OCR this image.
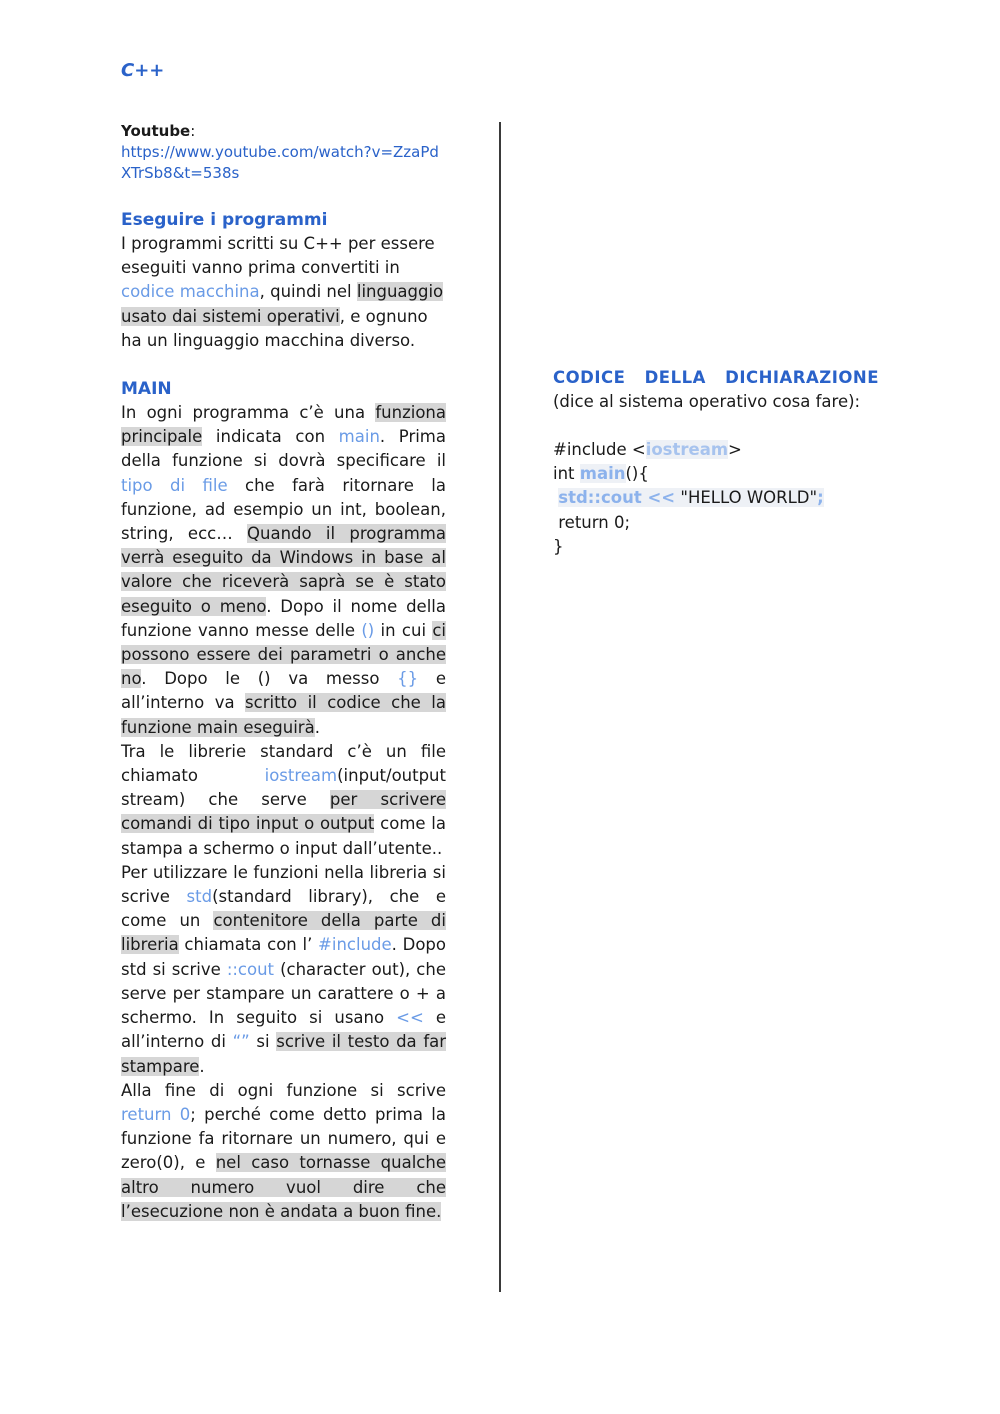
C++
Youtube:
https://www.youtube.com/watch?v=ZzaPdXTrSb8&t=538s
Eseguire i programmi
I programmi scritti su C++ per essere eseguiti vanno prima convertiti in codice macchina, quindi nel linguaggio usato dai sistemi operativi, e ognuno ha un linguaggio macchina diverso.
MAIN
In ogni programma c’è una funziona principale indicata con main. Prima della funzione si dovrà specificare il tipo di file che farà ritornare la funzione, ad esempio un int, boolean, string, ecc… Quando il programma verrà eseguito da Windows in base al valore che riceverà saprà se è stato eseguito o meno. Dopo il nome della funzione vanno messe delle () in cui ci possono essere dei parametri o anche no. Dopo le () va messo {} e all’interno va scritto il codice che la funzione main eseguirà.
Tra le librerie standard c’è un file chiamato iostream(input/output stream) che serve per scrivere comandi di tipo input o output come la stampa a schermo o input dall’utente..
Per utilizzare le funzioni nella libreria si scrive std(standard library), che e come un contenitore della parte di libreria chiamata con l’ #include. Dopo std si scrive ::cout (character out), che serve per stampare un carattere o + a schermo. In seguito si usano << e all’interno di “” si scrive il testo da far stampare.
Alla fine di ogni funzione si scrive return 0; perché come detto prima la funzione fa ritornare un numero, qui e zero(0), e nel caso tornasse qualche altro numero vuol dire che l’esecuzione non è andata a buon fine.
CODICE DELLA DICHIARAZIONE
(dice al sistema operativo cosa fare):
#include <iostream>
int main(){
std::cout << "HELLO WORLD";
return 0;
}
